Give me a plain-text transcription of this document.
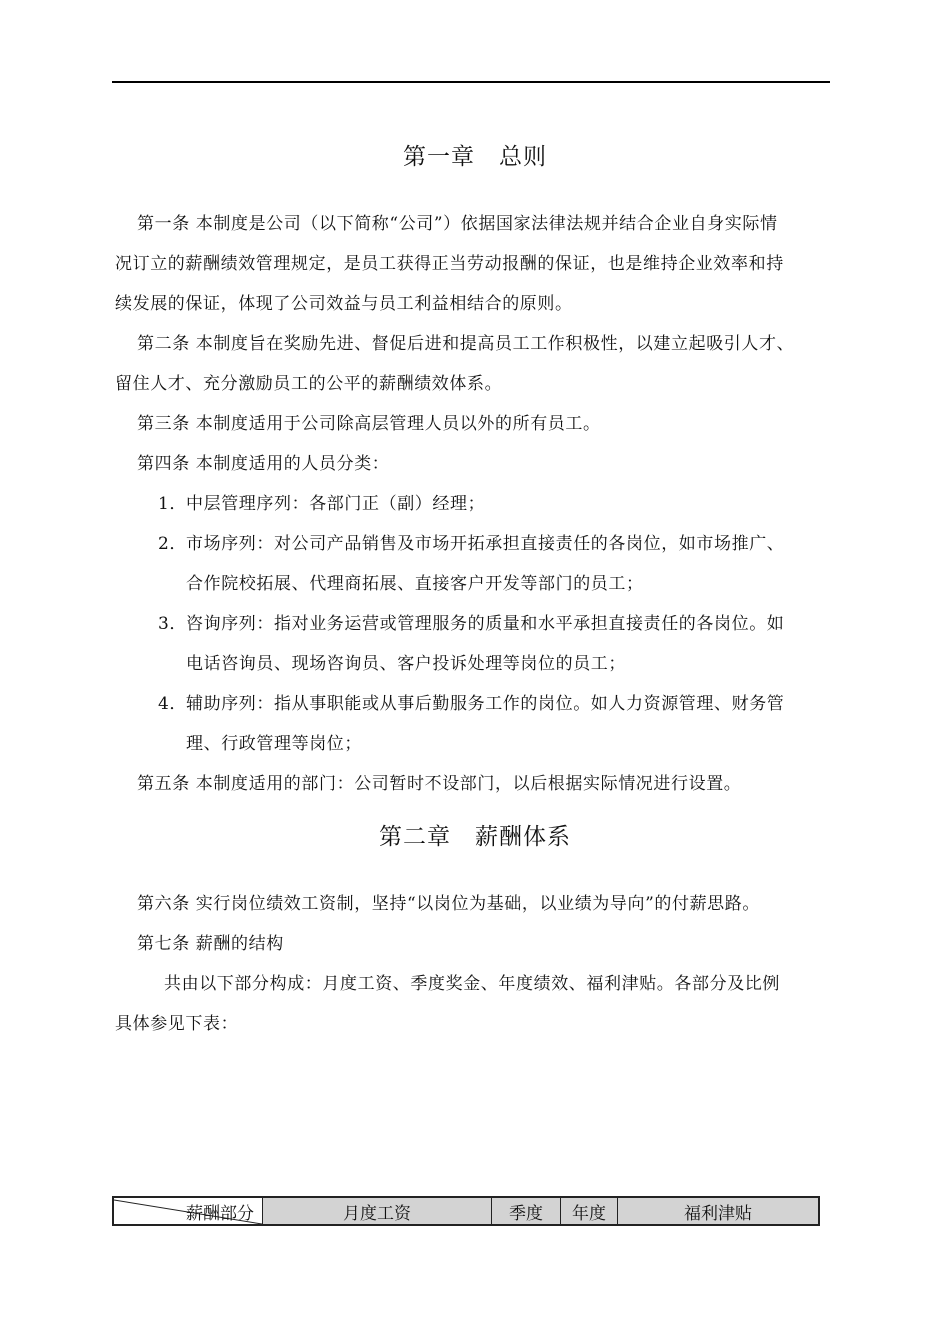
第一章 总则
第一条 本制度是公司（以下简称“公司”）依据国家法律法规并结合企业自身实际情
况订立的薪酬绩效管理规定，是员工获得正当劳动报酬的保证，也是维持企业效率和持
续发展的保证，体现了公司效益与员工利益相结合的原则。
第二条 本制度旨在奖励先进、督促后进和提高员工工作积极性，以建立起吸引人才、
留住人才、充分激励员工的公平的薪酬绩效体系。
第三条 本制度适用于公司除高层管理人员以外的所有员工。
第四条 本制度适用的人员分类：
1．中层管理序列：各部门正（副）经理；
2．市场序列：对公司产品销售及市场开拓承担直接责任的各岗位，如市场推广、
合作院校拓展、代理商拓展、直接客户开发等部门的员工；
3．咨询序列：指对业务运营或管理服务的质量和水平承担直接责任的各岗位。如
电话咨询员、现场咨询员、客户投诉处理等岗位的员工；
4．辅助序列：指从事职能或从事后勤服务工作的岗位。如人力资源管理、财务管
理、行政管理等岗位；
第五条 本制度适用的部门：公司暂时不设部门，以后根据实际情况进行设置。
第二章 薪酬体系
第六条 实行岗位绩效工资制，坚持“以岗位为基础，以业绩为导向”的付薪思路。
第七条 薪酬的结构
共由以下部分构成：月度工资、季度奖金、年度绩效、福利津贴。各部分及比例
具体参见下表：
薪酬部分	月度工资	季度	年度	福利津贴
